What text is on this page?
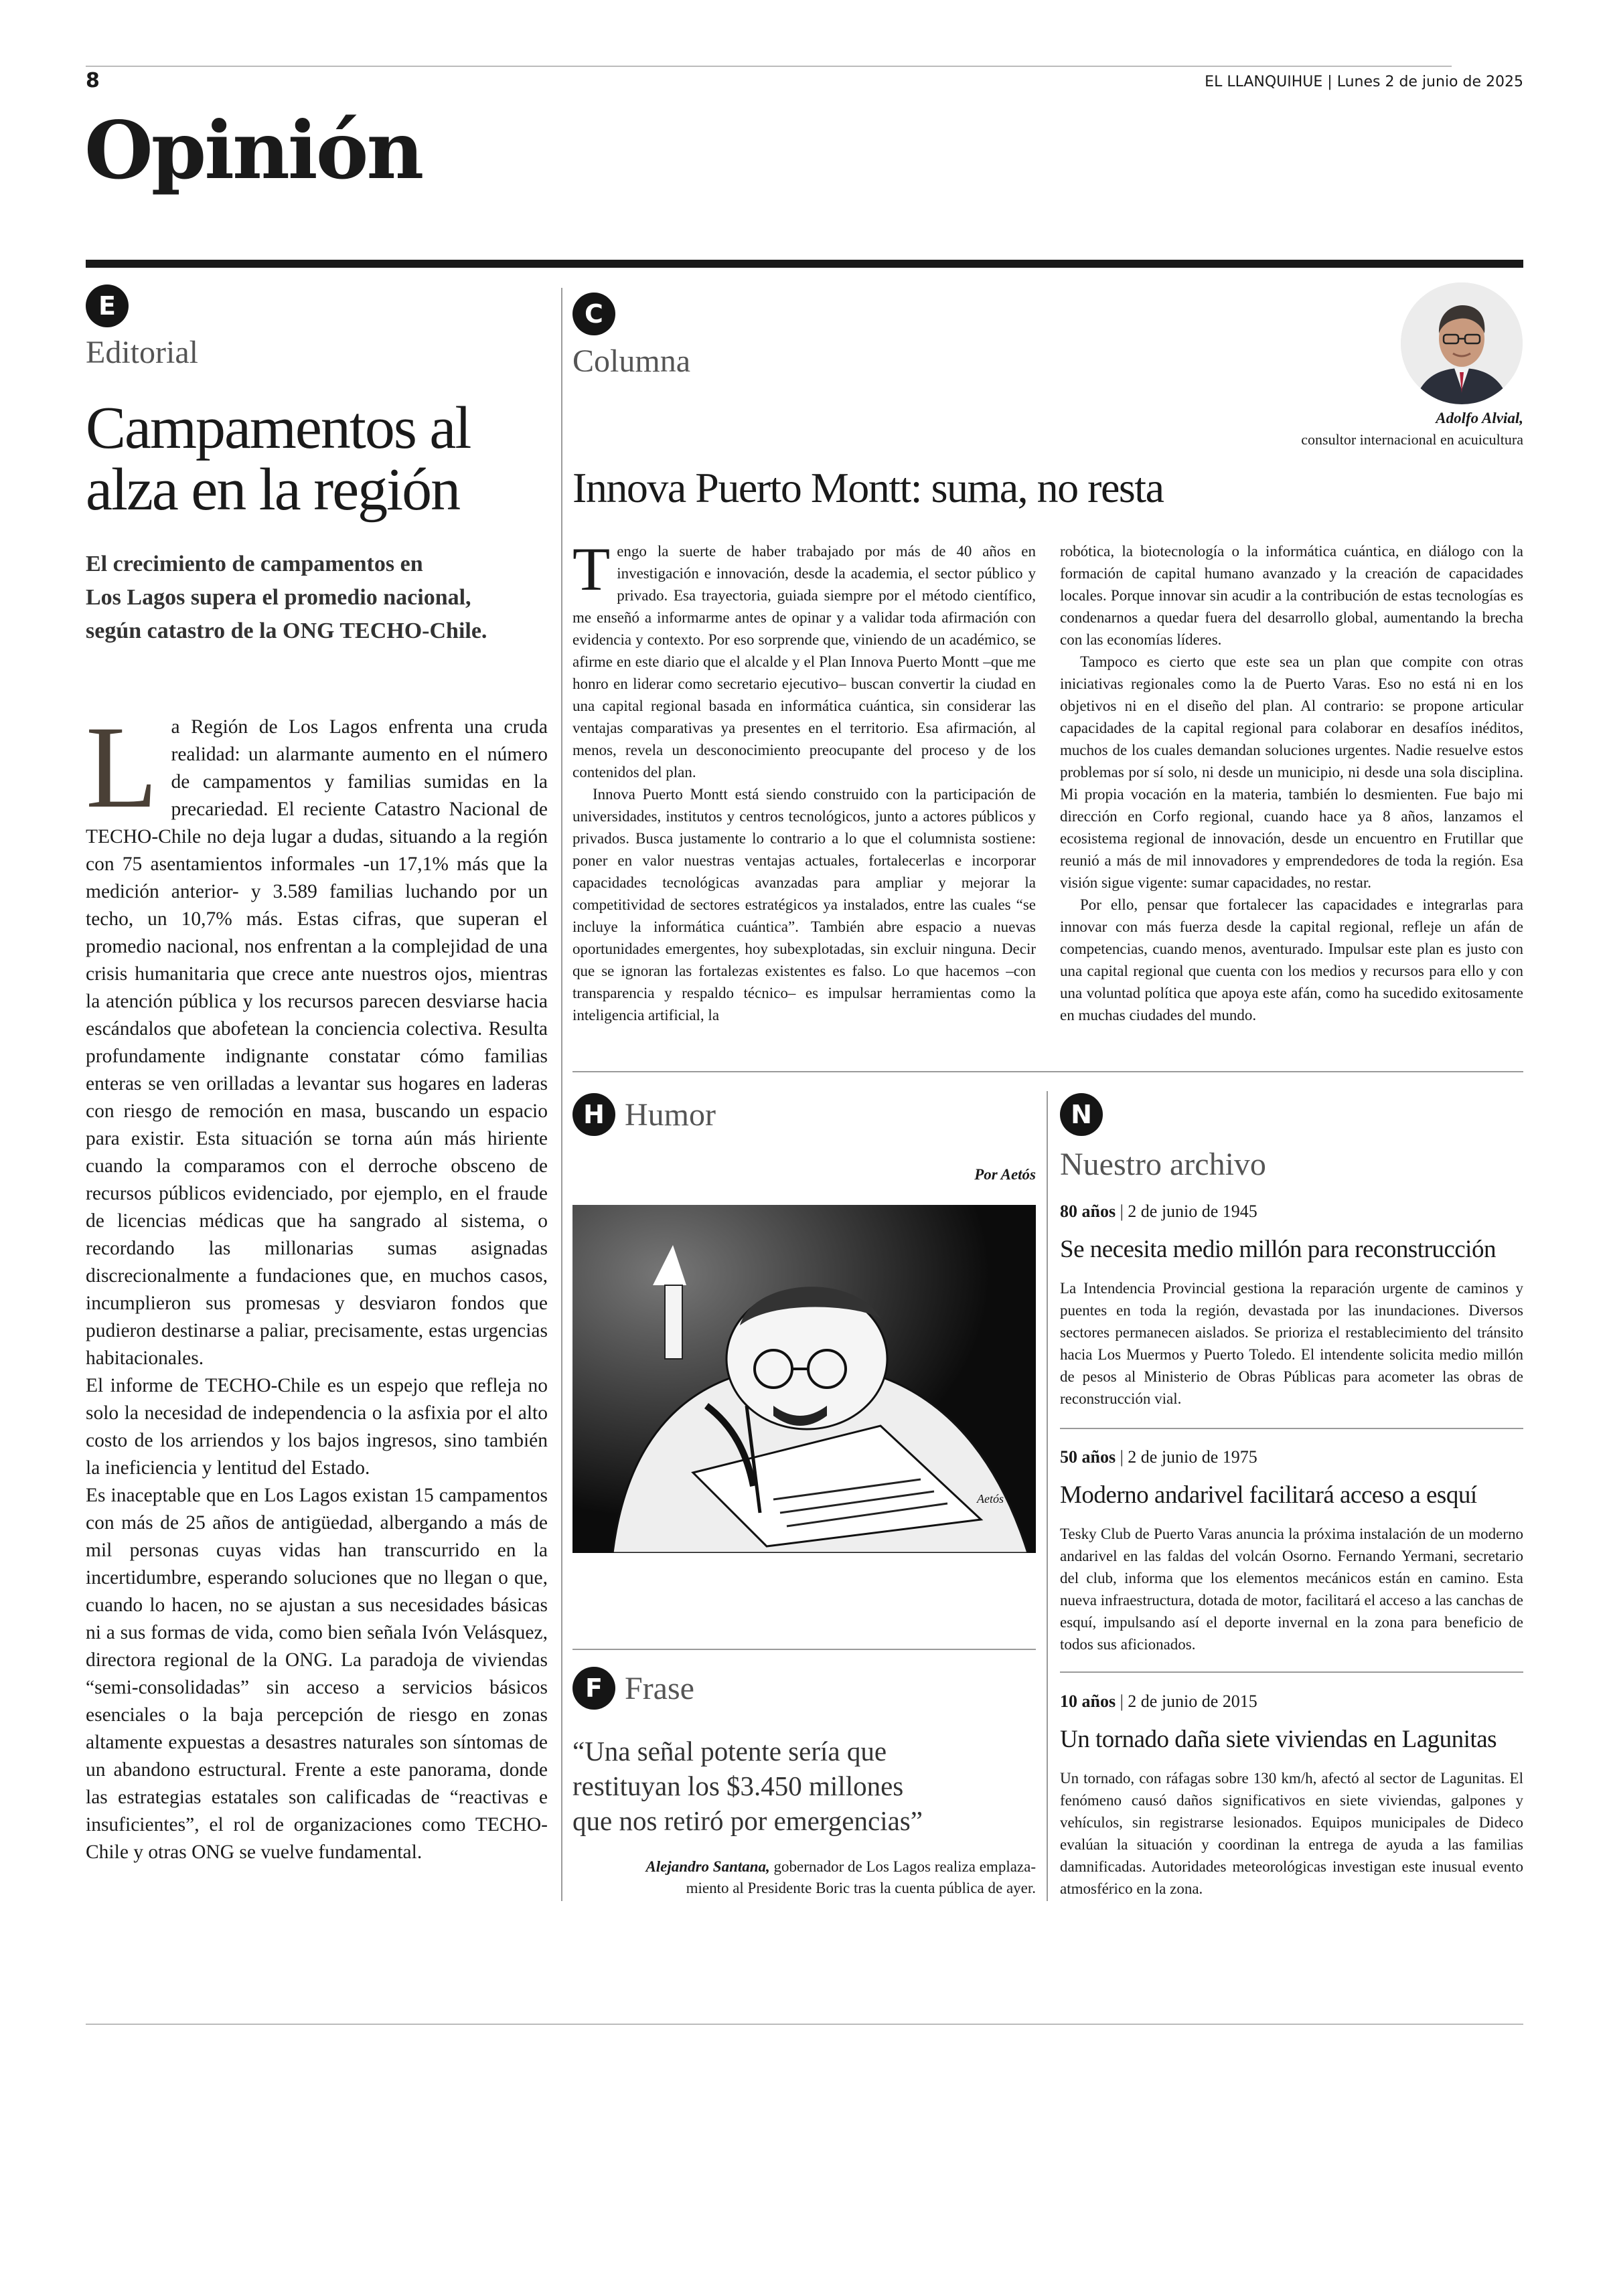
8	EL LLANQUIHUE | Lunes 2 de junio de 2025
Opinión
E
Editorial
Campamentos al
alza en la región
El crecimiento de campamentos en
Los Lagos supera el promedio nacional,
según catastro de la ONG TECHO-Chile.

La Región de Los Lagos enfrenta una cruda realidad: un alarmante aumento en el número de campamentos y familias sumidas en la precariedad. El reciente Catastro Nacional de TECHO-Chile no deja lugar a dudas, situando a la región con 75 asentamientos informales -un 17,1% más que la medición anterior- y 3.589 familias luchando por un techo, un 10,7% más. Estas cifras, que superan el promedio nacional, nos enfrentan a la complejidad de una crisis humanitaria que crece ante nuestros ojos, mientras la atención pública y los recursos parecen desviarse hacia escándalos que abofetean la conciencia colectiva. Resulta profundamente indignante constatar cómo familias enteras se ven orilladas a levantar sus hogares en laderas con riesgo de remoción en masa, buscando un espacio para existir. Esta situación se torna aún más hiriente cuando la comparamos con el derroche obsceno de recursos públicos evidenciado, por ejemplo, en el fraude de licencias médicas que ha sangrado al sistema, o recordando las millonarias sumas asignadas discrecionalmente a fundaciones que, en muchos casos, incumplieron sus promesas y desviaron fondos que pudieron destinarse a paliar, precisamente, estas urgencias habitacionales.

El informe de TECHO-Chile es un espejo que refleja no solo la necesidad de independencia o la asfixia por el alto costo de los arriendos y los bajos ingresos, sino también la ineficiencia y lentitud del Estado.

Es inaceptable que en Los Lagos existan 15 campamentos con más de 25 años de antigüedad, albergando a más de mil personas cuyas vidas han transcurrido en la incertidumbre, esperando soluciones que no llegan o que, cuando lo hacen, no se ajustan a sus necesidades básicas ni a sus formas de vida, como bien señala Ivón Velásquez, directora regional de la ONG. La paradoja de viviendas “semi-consolidadas” sin acceso a servicios básicos esenciales o la baja percepción de riesgo en zonas altamente expuestas a desastres naturales son síntomas de un abandono estructural. Frente a este panorama, donde las estrategias estatales son calificadas de “reactivas e insuficientes”, el rol de organizaciones como TECHO-Chile y otras ONG se vuelve fundamental.

C
Columna
Adolfo Alvial,
consultor internacional en acuicultura
Innova Puerto Montt: suma, no resta

Tengo la suerte de haber trabajado por más de 40 años en investigación e innovación, desde la academia, el sector público y privado. Esa trayectoria, guiada siempre por el método científico, me enseñó a informarme antes de opinar y a validar toda afirmación con evidencia y contexto. Por eso sorprende que, viniendo de un académico, se afirme en este diario que el alcalde y el Plan Innova Puerto Montt –que me honro en liderar como secretario ejecutivo– buscan convertir la ciudad en una capital regional basada en informática cuántica, sin considerar las ventajas comparativas ya presentes en el territorio. Esa afirmación, al menos, revela un desconocimiento preocupante del proceso y de los contenidos del plan.

Innova Puerto Montt está siendo construido con la participación de universidades, institutos y centros tecnológicos, junto a actores públicos y privados. Busca justamente lo contrario a lo que el columnista sostiene: poner en valor nuestras ventajas actuales, fortalecerlas e incorporar capacidades tecnológicas avanzadas para ampliar y mejorar la competitividad de sectores estratégicos ya instalados, entre las cuales “se incluye la informática cuántica”. También abre espacio a nuevas oportunidades emergentes, hoy subexplotadas, sin excluir ninguna. Decir que se ignoran las fortalezas existentes es falso. Lo que hacemos –con transparencia y respaldo técnico– es impulsar herramientas como la inteligencia artificial, la

robótica, la biotecnología o la informática cuántica, en diálogo con la formación de capital humano avanzado y la creación de capacidades locales. Porque innovar sin acudir a la contribución de estas tecnologías es condenarnos a quedar fuera del desarrollo global, aumentando la brecha con las economías líderes.

Tampoco es cierto que este sea un plan que compite con otras iniciativas regionales como la de Puerto Varas. Eso no está ni en los objetivos ni en el diseño del plan. Al contrario: se propone articular capacidades de la capital regional para colaborar en desafíos inéditos, muchos de los cuales demandan soluciones urgentes. Nadie resuelve estos problemas por sí solo, ni desde un municipio, ni desde una sola disciplina. Mi propia vocación en la materia, también lo desmienten. Fue bajo mi dirección en Corfo regional, cuando hace ya 8 años, lanzamos el ecosistema regional de innovación, desde un encuentro en Frutillar que reunió a más de mil innovadores y emprendedores de toda la región. Esa visión sigue vigente: sumar capacidades, no restar.

Por ello, pensar que fortalecer las capacidades e integrarlas para innovar con más fuerza desde la capital regional, refleje un afán de competencias, cuando menos, aventurado. Impulsar este plan es justo con una capital regional que cuenta con los medios y recursos para ello y con una voluntad política que apoya este afán, como ha sucedido exitosamente en muchas ciudades del mundo.

H Humor
Por Aetós
Aetós
F Frase
“Una señal potente sería que
restituyan los $3.450 millones
que nos retiró por emergencias”
Alejandro Santana, gobernador de Los Lagos realiza emplaza-
miento al Presidente Boric tras la cuenta pública de ayer.
N
Nuestro archivo
80 años | 2 de junio de 1945
Se necesita medio millón para reconstrucción
La Intendencia Provincial gestiona la reparación urgente de caminos y puentes en toda la región, devastada por las inundaciones. Diversos sectores permanecen aislados. Se prioriza el restablecimiento del tránsito hacia Los Muermos y Puerto Toledo. El intendente solicita medio millón de pesos al Ministerio de Obras Públicas para acometer las obras de reconstrucción vial.
50 años | 2 de junio de 1975
Moderno andarivel facilitará acceso a esquí
Tesky Club de Puerto Varas anuncia la próxima instalación de un moderno andarivel en las faldas del volcán Osorno. Fernando Yermani, secretario del club, informa que los elementos mecánicos están en camino. Esta nueva infraestructura, dotada de motor, facilitará el acceso a las canchas de esquí, impulsando así el deporte invernal en la zona para beneficio de todos sus aficionados.
10 años | 2 de junio de 2015
Un tornado daña siete viviendas en Lagunitas
Un tornado, con ráfagas sobre 130 km/h, afectó al sector de Lagunitas. El fenómeno causó daños significativos en siete viviendas, galpones y vehículos, sin registrarse lesionados. Equipos municipales de Dideco evalúan la situación y coordinan la entrega de ayuda a las familias damnificadas. Autoridades meteorológicas investigan este inusual evento atmosférico en la zona.
